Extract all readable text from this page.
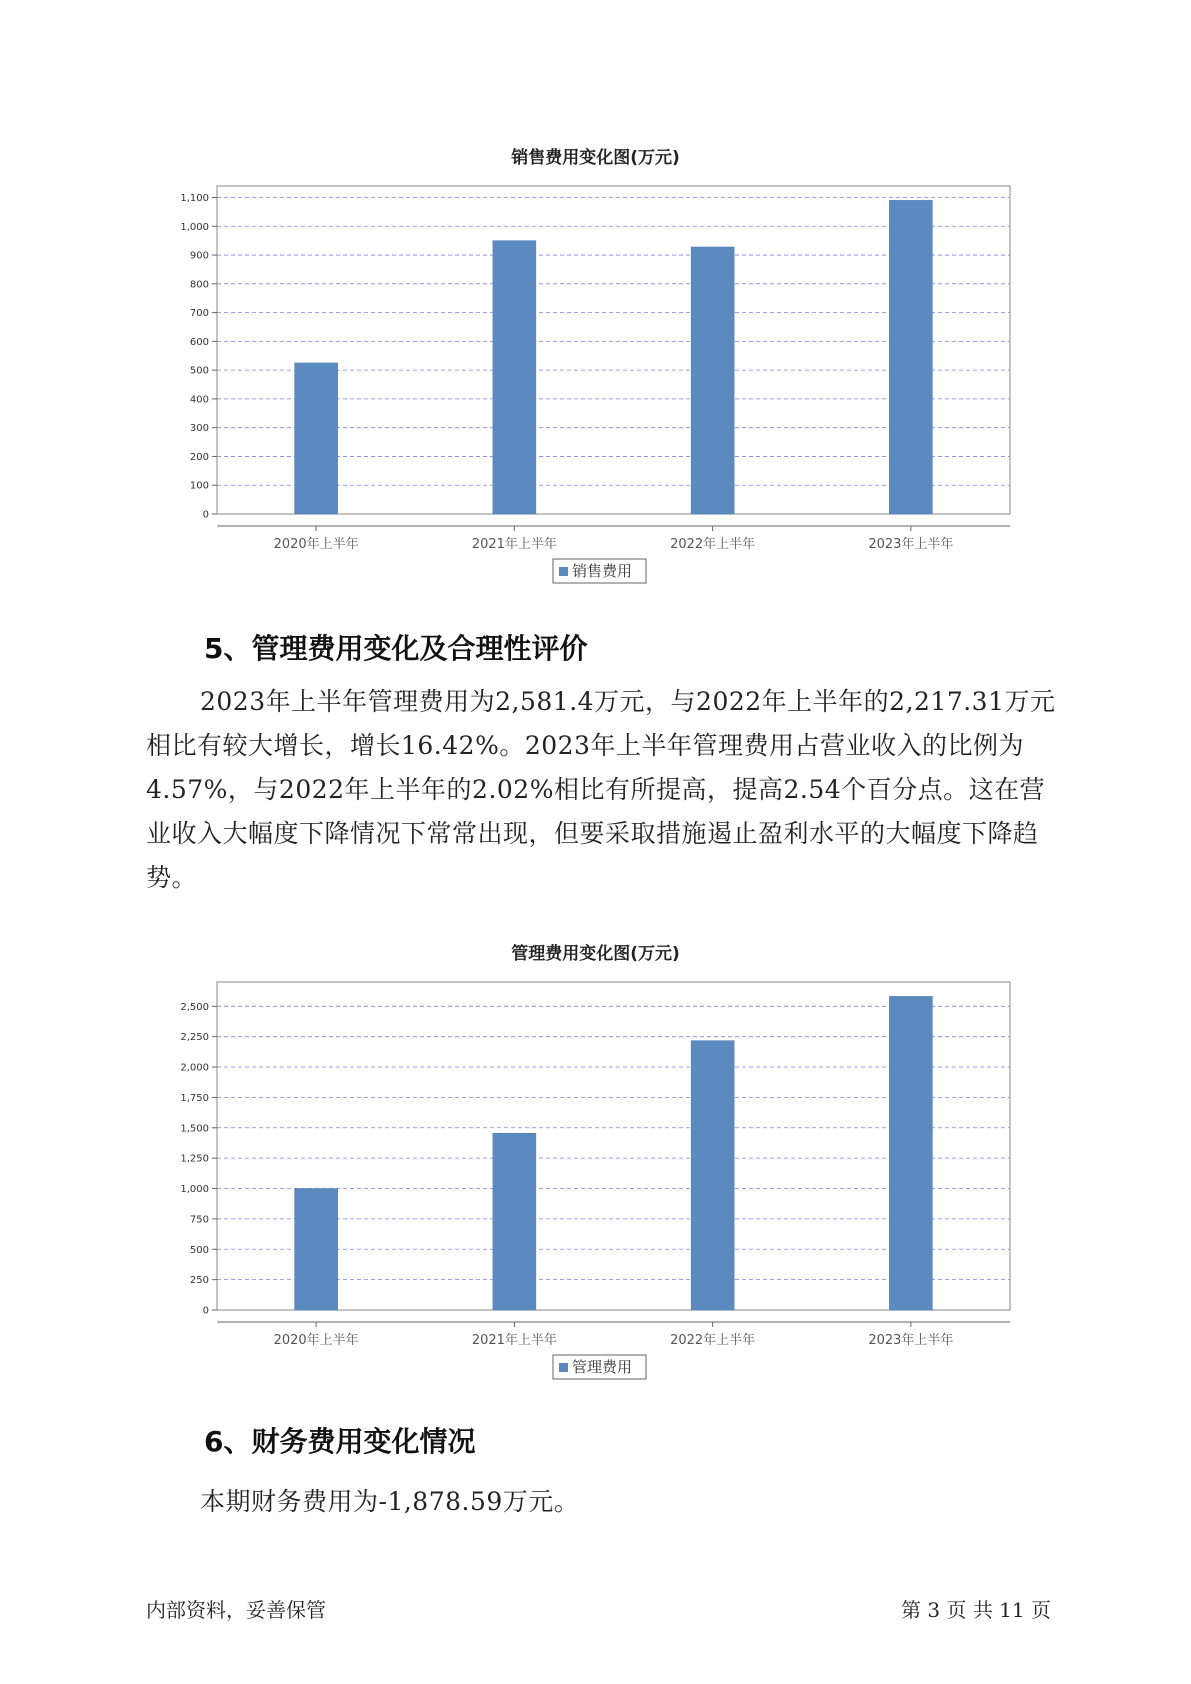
销售费用变化图(万元)
0
100
200
300
400
500
600
700
800
900
1,000
1,100
2020年上半年	2021年上半年	2022年上半年	2023年上半年
销售费用
5、管理费用变化及合理性评价
2023年上半年管理费用为2,581.4万元，与2022年上半年的2,217.31万元相比有较大增长，增长16.42%。2023年上半年管理费用占营业收入的比例为4.57%，与2022年上半年的2.02%相比有所提高，提高2.54个百分点。这在营业收入大幅度下降情况下常常出现，但要采取措施遏止盈利水平的大幅度下降趋势。
管理费用变化图(万元)
0
250
500
750
1,000
1,250
1,500
1,750
2,000
2,250
2,500
2020年上半年	2021年上半年	2022年上半年	2023年上半年
管理费用
6、财务费用变化情况
本期财务费用为-1,878.59万元。
内部资料，妥善保管	第 3 页 共 11 页
